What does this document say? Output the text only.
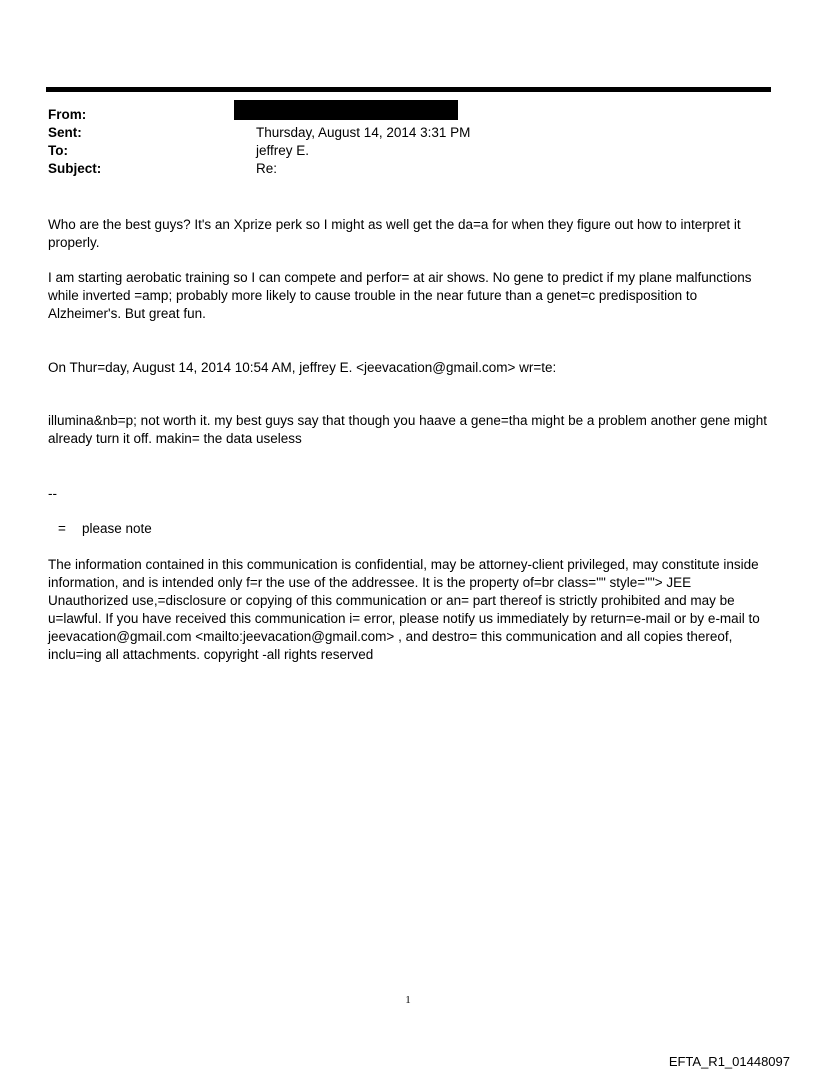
From:
Sent:	Thursday, August 14, 2014 3:31 PM
To:	jeffrey E.
Subject:	Re:
Who are the best guys? It's an Xprize perk so I might as well get the da=a for when they figure out how to interpret it properly.
I am starting aerobatic training so I can compete and perfor= at air shows. No gene to predict if my plane malfunctions while inverted =amp; probably more likely to cause trouble in the near future than a genet=c predisposition to Alzheimer's. But great fun.
On Thur=day, August 14, 2014 10:54 AM, jeffrey E. <jeevacation@gmail.com> wr=te:
illumina&nb=p; not worth it. my best guys say that though you haave a gene=tha might be a problem another gene might already turn it off. makin= the data useless
--
= please note
The information contained in this communication is confidential, may be attorney-client privileged, may constitute inside information, and is intended only f=r the use of the addressee. It is the property of=br class="" style=""> JEE Unauthorized use,=disclosure or copying of this communication or an= part thereof is strictly prohibited and may be u=lawful. If you have received this communication i= error, please notify us immediately by return=e-mail or by e-mail to jeevacation@gmail.com <mailto:jeevacation@gmail.com> , and destro= this communication and all copies thereof, inclu=ing all attachments. copyright -all rights reserved
1
EFTA_R1_01448097
